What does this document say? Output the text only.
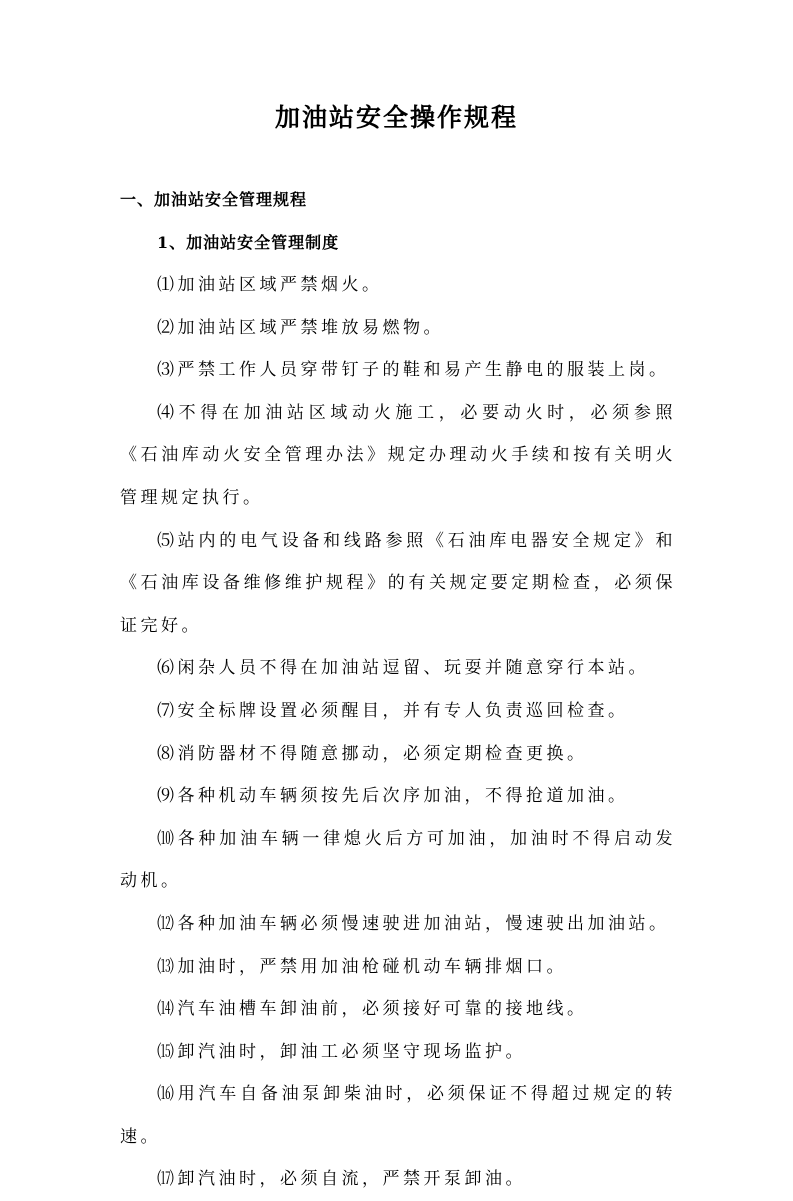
加油站安全操作规程
一、加油站安全管理规程
1、加油站安全管理制度

⑴加油站区域严禁烟火。

⑵加油站区域严禁堆放易燃物。

⑶严禁工作人员穿带钉子的鞋和易产生静电的服装上岗。

⑷不得在加油站区域动火施工，必要动火时，必须参照《石油库动火安全管理办法》规定办理动火手续和按有关明火管理规定执行。

⑸站内的电气设备和线路参照《石油库电器安全规定》和《石油库设备维修维护规程》的有关规定要定期检查，必须保证完好。

⑹闲杂人员不得在加油站逗留、玩耍并随意穿行本站。

⑺安全标牌设置必须醒目，并有专人负责巡回检查。

⑻消防器材不得随意挪动，必须定期检查更换。

⑼各种机动车辆须按先后次序加油，不得抢道加油。

⑽各种加油车辆一律熄火后方可加油，加油时不得启动发动机。

⑿各种加油车辆必须慢速驶进加油站，慢速驶出加油站。

⒀加油时，严禁用加油枪碰机动车辆排烟口。

⒁汽车油槽车卸油前，必须接好可靠的接地线。

⒂卸汽油时，卸油工必须坚守现场监护。

⒃用汽车自备油泵卸柴油时，必须保证不得超过规定的转速。

⒄卸汽油时，必须自流，严禁开泵卸油。
